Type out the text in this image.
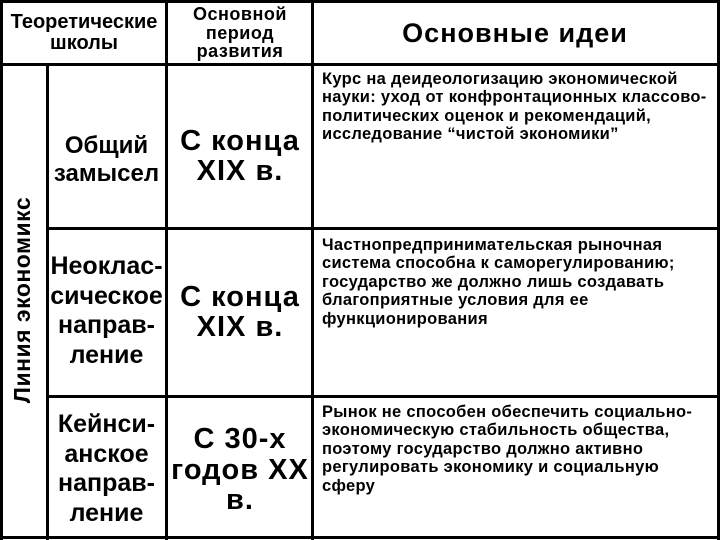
Теоретические школы
Основной период развития
Основные идеи
Линия экономикс
Общий замысел
С конца XIX в.
Курс на деидеологизацию экономической науки: уход от конфронтационных классово-политических оценок и рекомендаций, исследование “чистой экономики”
Неоклас-сическое направ-ление
С конца XIX в.
Частнопредпринимательская рыночная система способна к саморегулированию; государство же должно лишь создавать благоприятные условия для ее функционирования
Кейнси-анское направ-ление
С 30-х годов XX в.
Рынок не способен обеспечить социально-экономическую стабильность общества, поэтому государство должно активно регулировать экономику и социальную сферу
